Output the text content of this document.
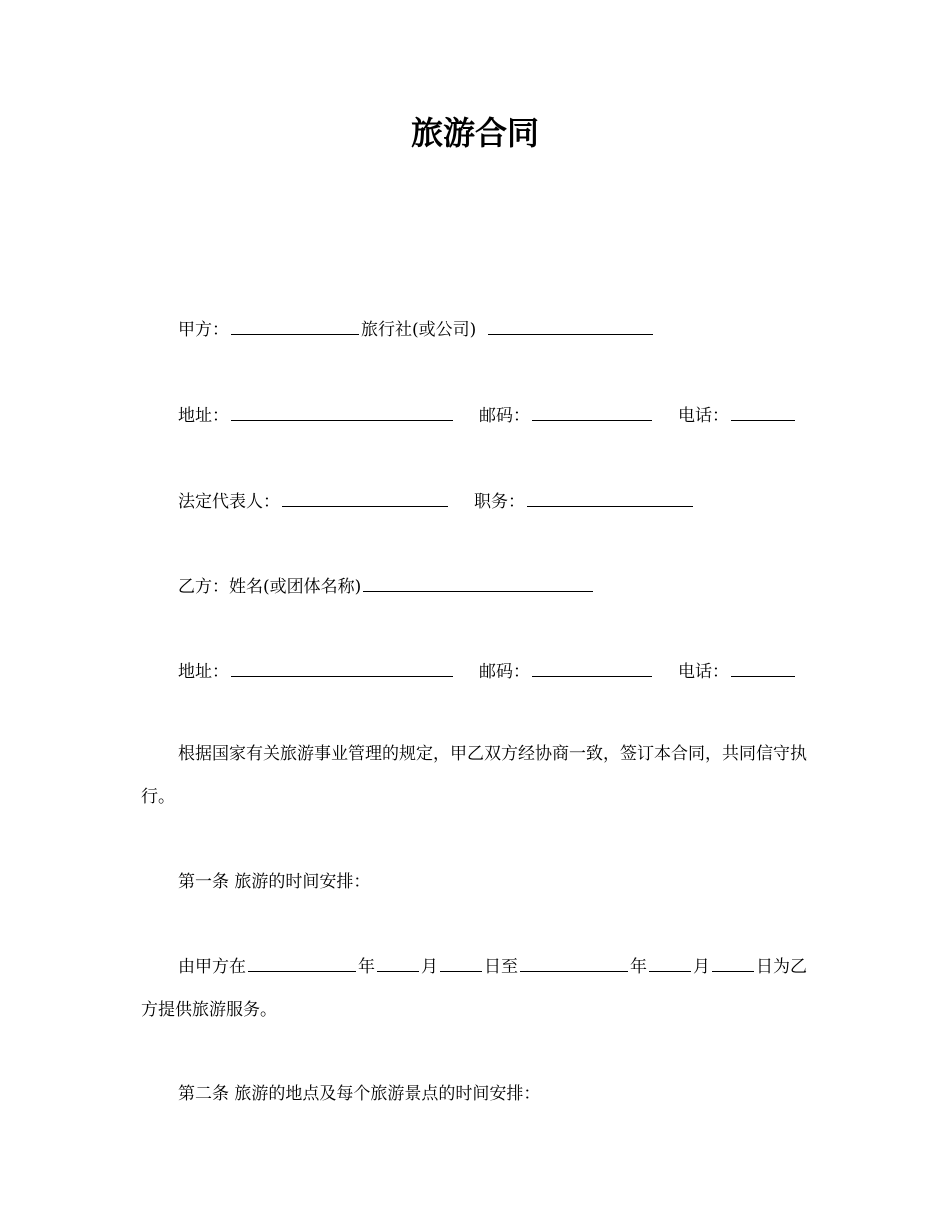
旅游合同
甲方：	旅行社(或公司)
地址：	邮码：	电话：
法定代表人：	职务：
乙方：姓名(或团体名称)
地址：	邮码：	电话：
根据国家有关旅游事业管理的规定，甲乙双方经协商一致，签订本合同，共同信守执行。
第一条 旅游的时间安排：
由甲方在	年	月	日至	年	月	日为乙方提供旅游服务。
第二条 旅游的地点及每个旅游景点的时间安排：
